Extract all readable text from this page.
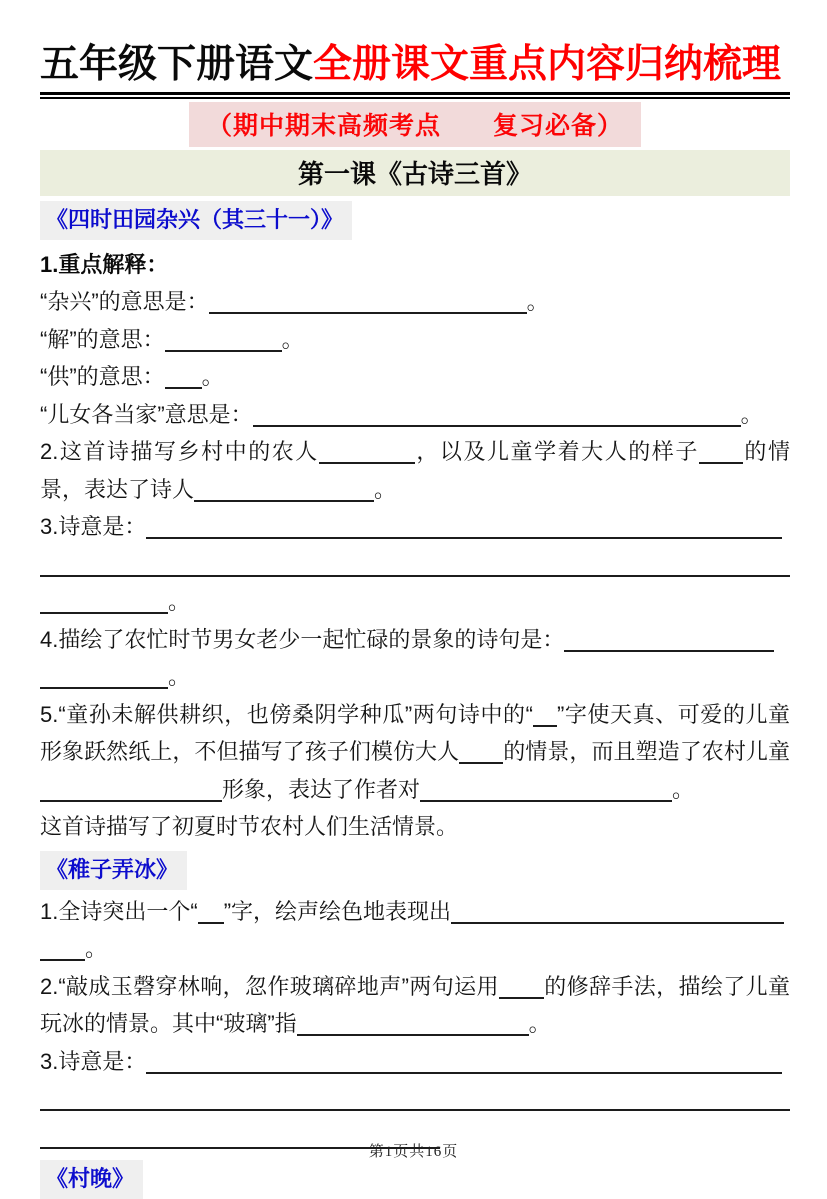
五年级下册语文全册课文重点内容归纳梳理
（期中期末高频考点　　复习必备）
第一课《古诗三首》
《四时田园杂兴（其三十一）》

1.重点解释：

“杂兴”的意思是：	。

“解”的意思：	。

“供”的意思： 。

“儿女各当家”意思是：	。

2.这首诗描写乡村中的农人	，以及儿童学着大人的样子 的情景，表达了诗人	。

3.诗意是：

。

4.描绘了农忙时节男女老少一起忙碌的景象的诗句是：

。

5.“童孙未解供耕织，也傍桑阴学种瓜”两句诗中的“ ”字使天真、可爱的儿童形象跃然纸上，不但描写了孩子们模仿大人 的情景，而且塑造了农村儿童形象，表达了作者对	。

这首诗描写了初夏时节农村人们生活情景。

《稚子弄冰》

1.全诗突出一个“ ”字，绘声绘色地表现出

。

2.“敲成玉磬穿林响，忽作玻璃碎地声”两句运用 的修辞手法，描绘了儿童玩冰的情景。其中“玻璃”指	。

3.诗意是：

《村晚》
第1页共16页
